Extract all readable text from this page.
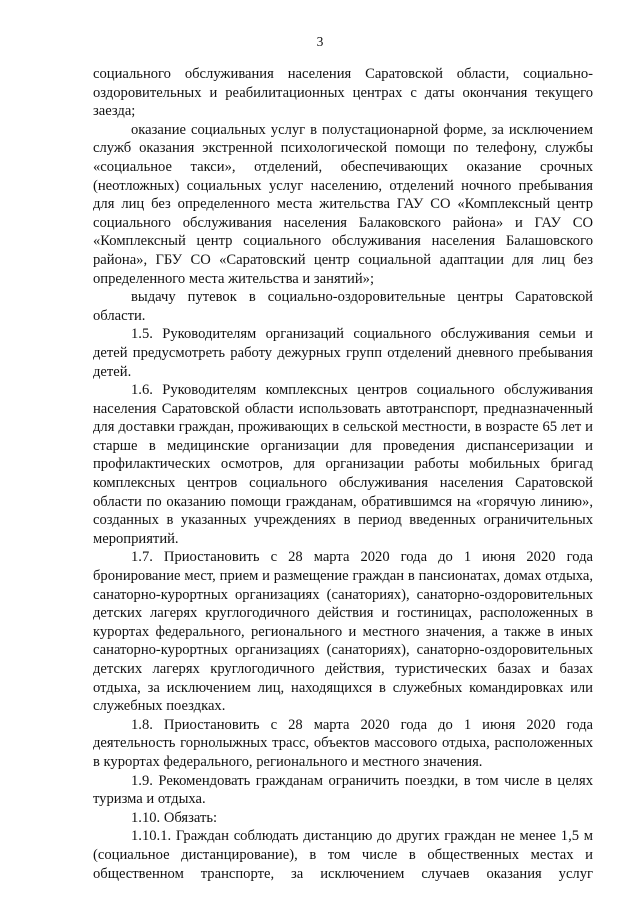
3

социального обслуживания населения Саратовской области, социально-оздоровительных и реабилитационных центрах с даты окончания текущего заезда;

оказание социальных услуг в полустационарной форме, за исключением служб оказания экстренной психологической помощи по телефону, службы «социальное такси», отделений, обеспечивающих оказание срочных (неотложных) социальных услуг населению, отделений ночного пребывания для лиц без определенного места жительства ГАУ СО «Комплексный центр социального обслуживания населения Балаковского района» и ГАУ СО «Комплексный центр социального обслуживания населения Балашовского района», ГБУ СО «Саратовский центр социальной адаптации для лиц без определенного места жительства и занятий»;

выдачу путевок в социально-оздоровительные центры Саратовской области.

1.5. Руководителям организаций социального обслуживания семьи и детей предусмотреть работу дежурных групп отделений дневного пребывания детей.

1.6. Руководителям комплексных центров социального обслуживания населения Саратовской области использовать автотранспорт, предназначенный для доставки граждан, проживающих в сельской местности, в возрасте 65 лет и старше в медицинские организации для проведения диспансеризации и профилактических осмотров, для организации работы мобильных бригад комплексных центров социального обслуживания населения Саратовской области по оказанию помощи гражданам, обратившимся на «горячую линию», созданных в указанных учреждениях в период введенных ограничительных мероприятий.

1.7. Приостановить с 28 марта 2020 года до 1 июня 2020 года бронирование мест, прием и размещение граждан в пансионатах, домах отдыха, санаторно-курортных организациях (санаториях), санаторно-оздоровительных детских лагерях круглогодичного действия и гостиницах, расположенных в курортах федерального, регионального и местного значения, а также в иных санаторно-курортных организациях (санаториях), санаторно-оздоровительных детских лагерях круглогодичного действия, туристических базах и базах отдыха, за исключением лиц, находящихся в служебных командировках или служебных поездках.

1.8. Приостановить с 28 марта 2020 года до 1 июня 2020 года деятельность горнолыжных трасс, объектов массового отдыха, расположенных в курортах федерального, регионального и местного значения.

1.9. Рекомендовать гражданам ограничить поездки, в том числе в целях туризма и отдыха.

1.10. Обязать:

1.10.1. Граждан соблюдать дистанцию до других граждан не менее 1,5 м (социальное дистанцирование), в том числе в общественных местах и общественном транспорте, за исключением случаев оказания услуг
